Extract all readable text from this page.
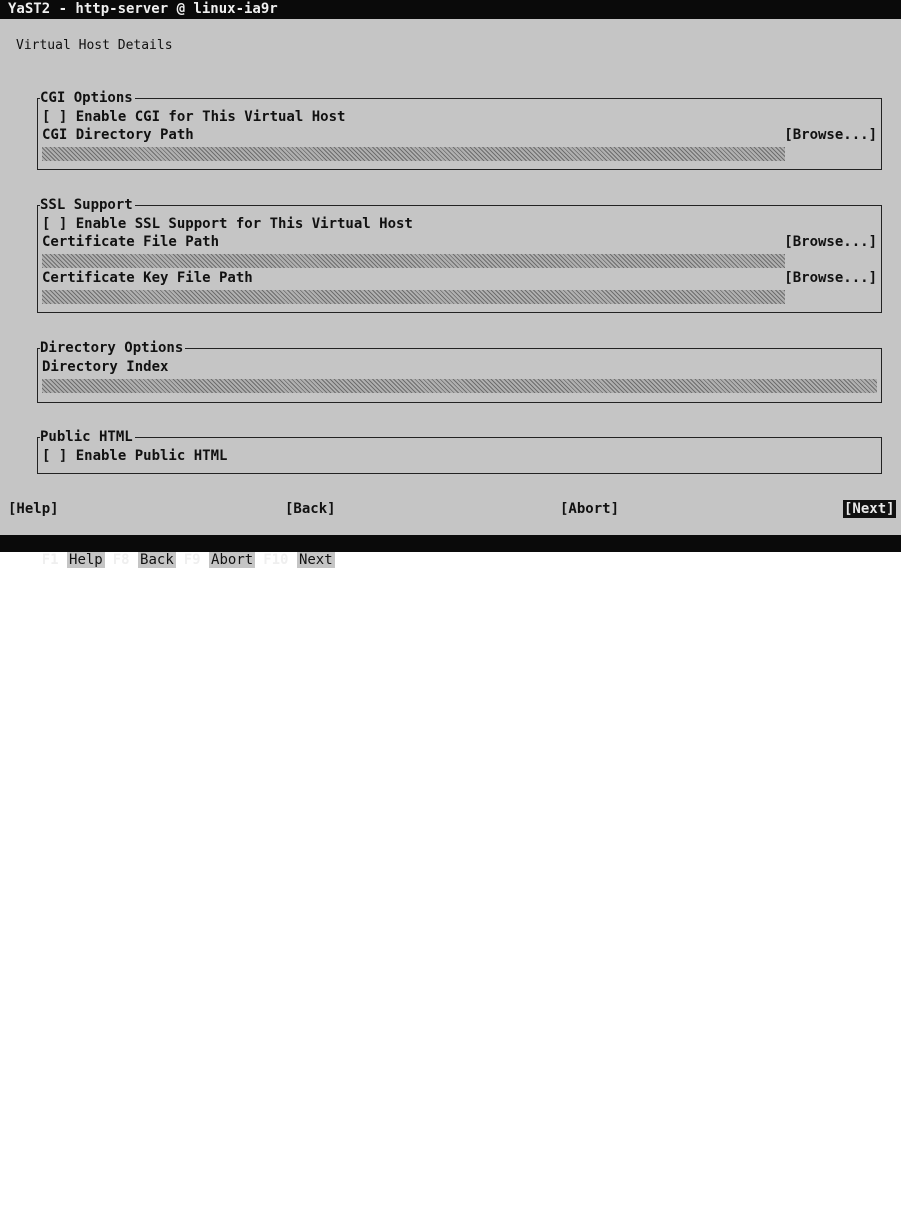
YaST2 - http-server @ linux-ia9r
Virtual Host Details
CGI Options
[ ] Enable CGI for This Virtual Host
CGI Directory Path	[Browse...]
SSL Support
[ ] Enable SSL Support for This Virtual Host
Certificate File Path	[Browse...]
Certificate Key File Path	[Browse...]
Directory Options
Directory Index
Public HTML
[ ] Enable Public HTML
[Help]	[Back]	[Abort]	[Next]

F1 Help F8 Back F9 Abort F10 Next
